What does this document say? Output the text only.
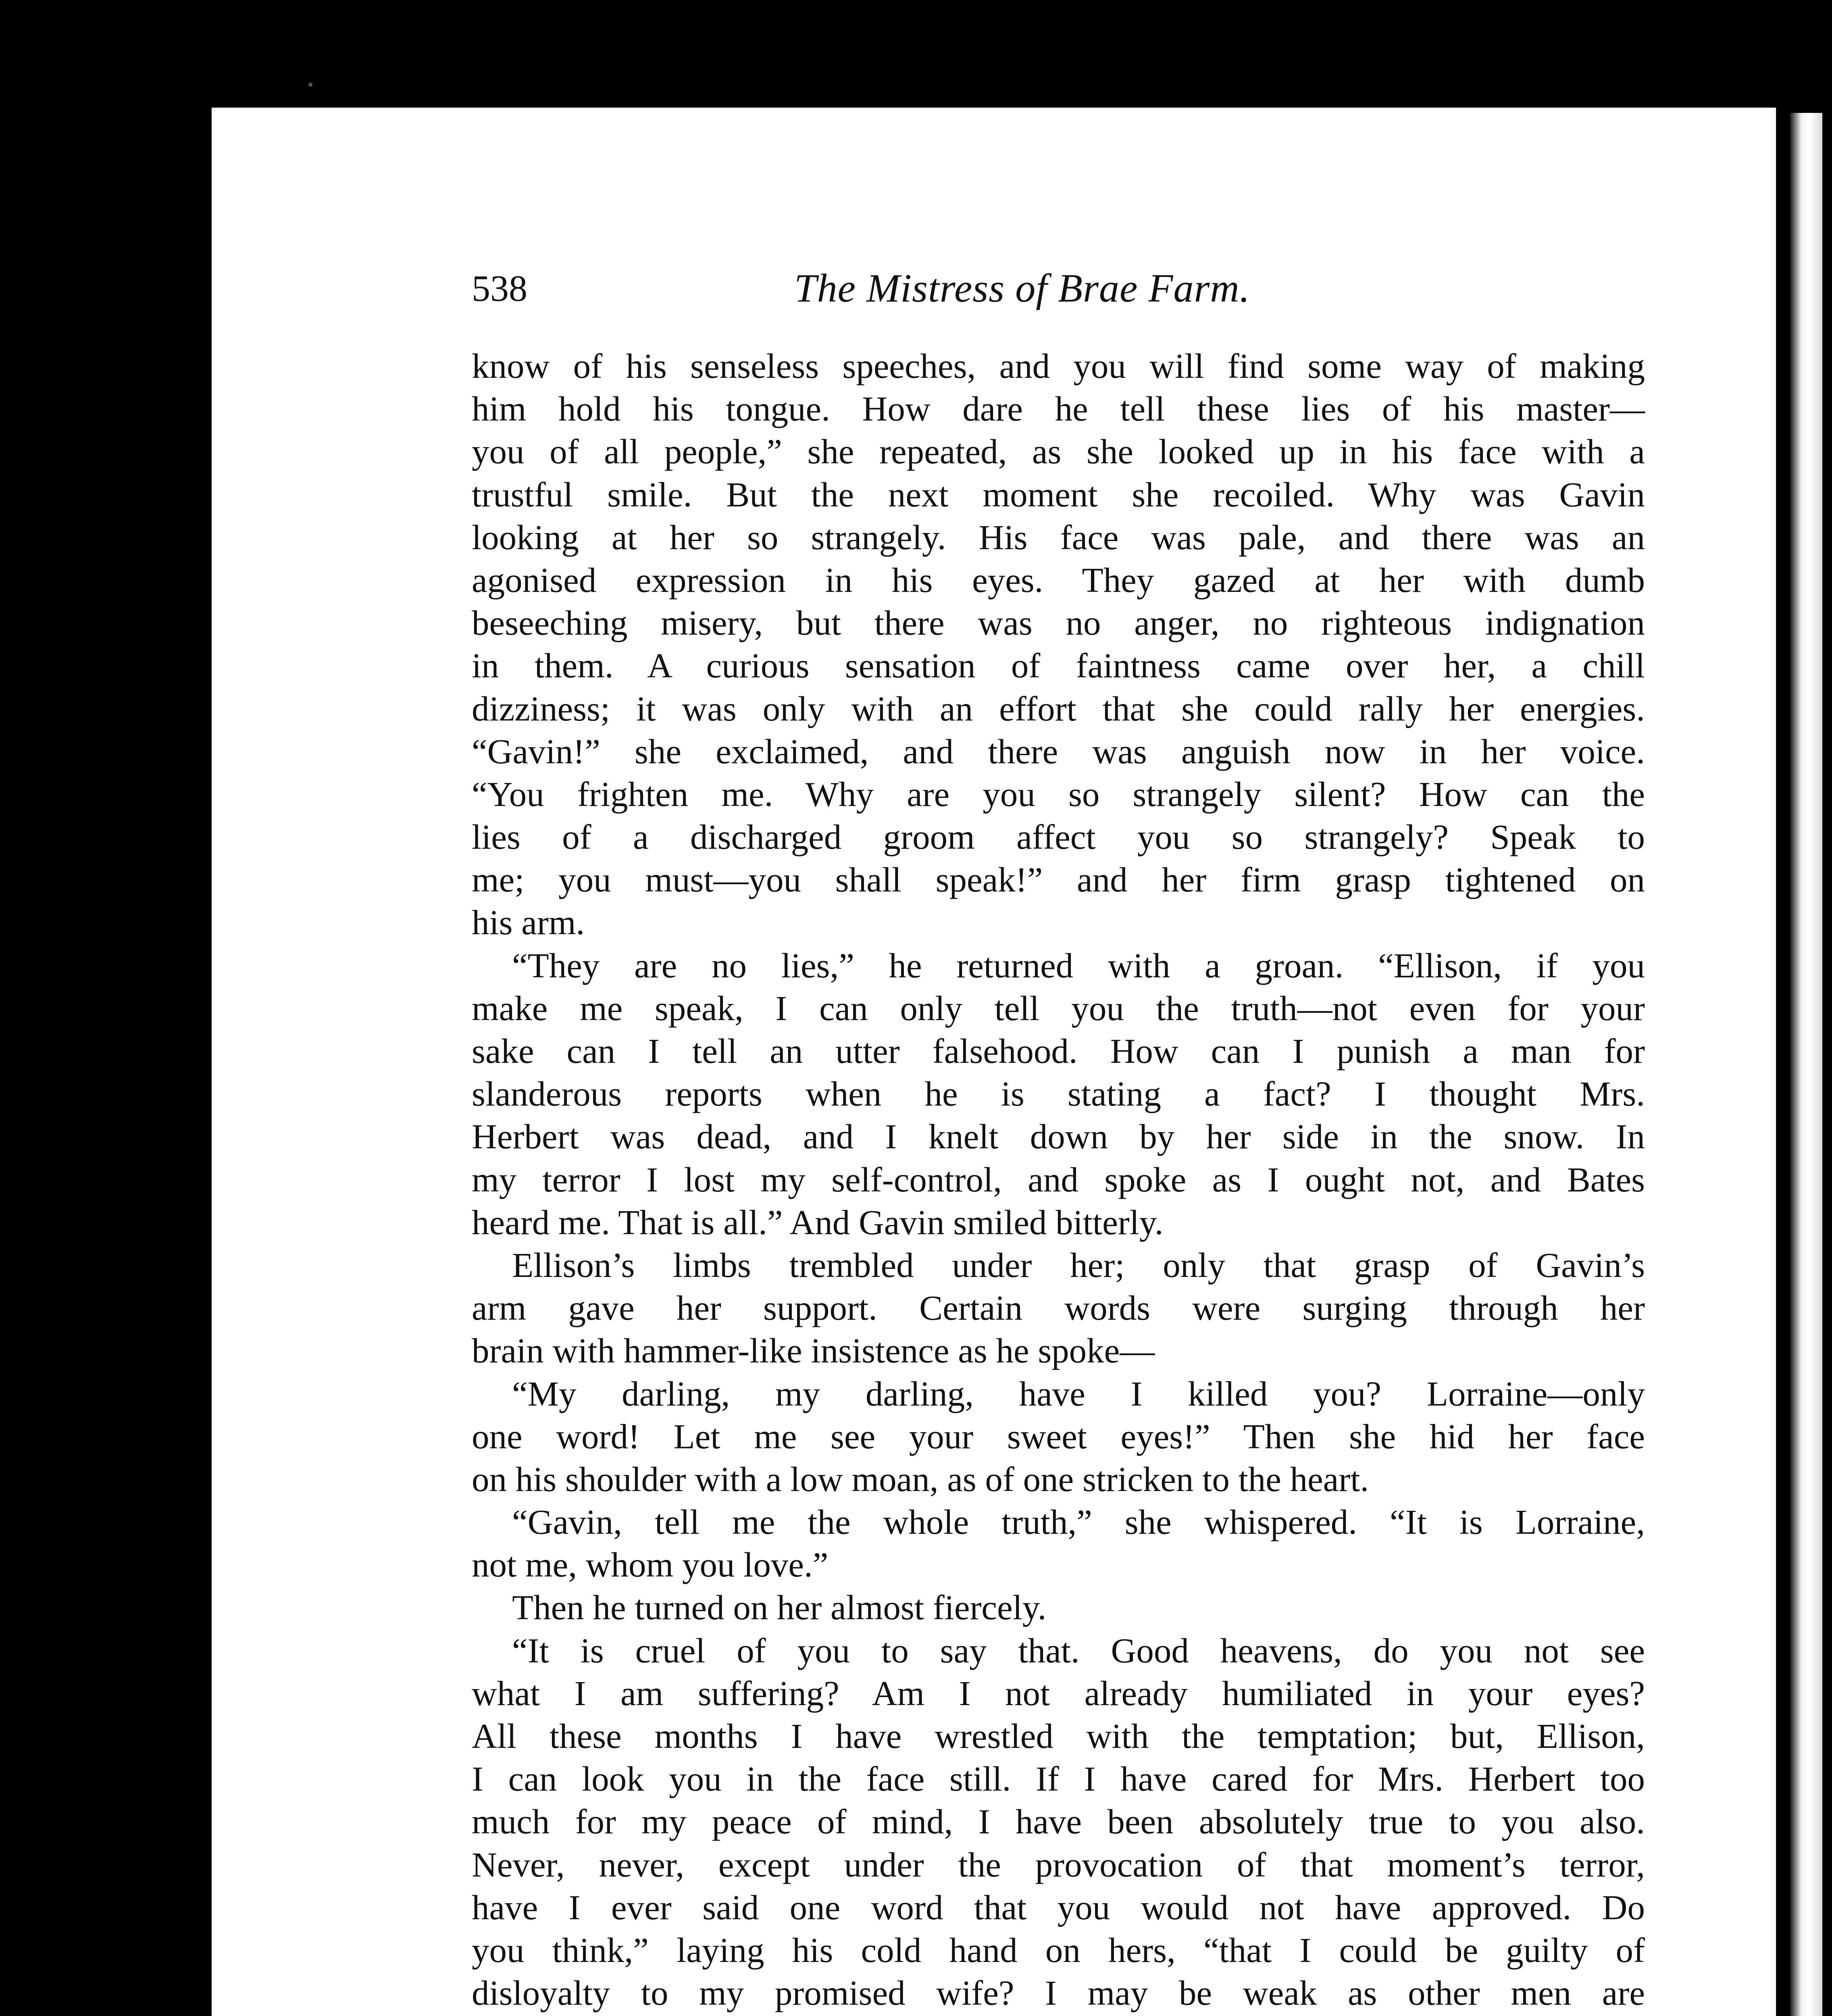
538	The Mistress of Brae Farm.
know of his senseless speeches, and you will find some way of making
him hold his tongue. How dare he tell these lies of his master—
you of all people,” she repeated, as she looked up in his face with a
trustful smile. But the next moment she recoiled. Why was Gavin
looking at her so strangely. His face was pale, and there was an
agonised expression in his eyes. They gazed at her with dumb
beseeching misery, but there was no anger, no righteous indignation
in them. A curious sensation of faintness came over her, a chill
dizziness; it was only with an effort that she could rally her energies.
“Gavin!” she exclaimed, and there was anguish now in her voice.
“You frighten me. Why are you so strangely silent? How can the
lies of a discharged groom affect you so strangely? Speak to
me; you must—you shall speak!” and her firm grasp tightened on
his arm.
“They are no lies,” he returned with a groan. “Ellison, if you
make me speak, I can only tell you the truth—not even for your
sake can I tell an utter falsehood. How can I punish a man for
slanderous reports when he is stating a fact? I thought Mrs.
Herbert was dead, and I knelt down by her side in the snow. In
my terror I lost my self-control, and spoke as I ought not, and Bates
heard me. That is all.” And Gavin smiled bitterly.
Ellison’s limbs trembled under her; only that grasp of Gavin’s
arm gave her support. Certain words were surging through her
brain with hammer-like insistence as he spoke—
“My darling, my darling, have I killed you? Lorraine—only
one word! Let me see your sweet eyes!” Then she hid her face
on his shoulder with a low moan, as of one stricken to the heart.
“Gavin, tell me the whole truth,” she whispered. “It is Lorraine,
not me, whom you love.”
Then he turned on her almost fiercely.
“It is cruel of you to say that. Good heavens, do you not see
what I am suffering? Am I not already humiliated in your eyes?
All these months I have wrestled with the temptation; but, Ellison,
I can look you in the face still. If I have cared for Mrs. Herbert too
much for my peace of mind, I have been absolutely true to you also.
Never, never, except under the provocation of that moment’s terror,
have I ever said one word that you would not have approved. Do
you think,” laying his cold hand on hers, “that I could be guilty of
disloyalty to my promised wife? I may be weak as other men are
